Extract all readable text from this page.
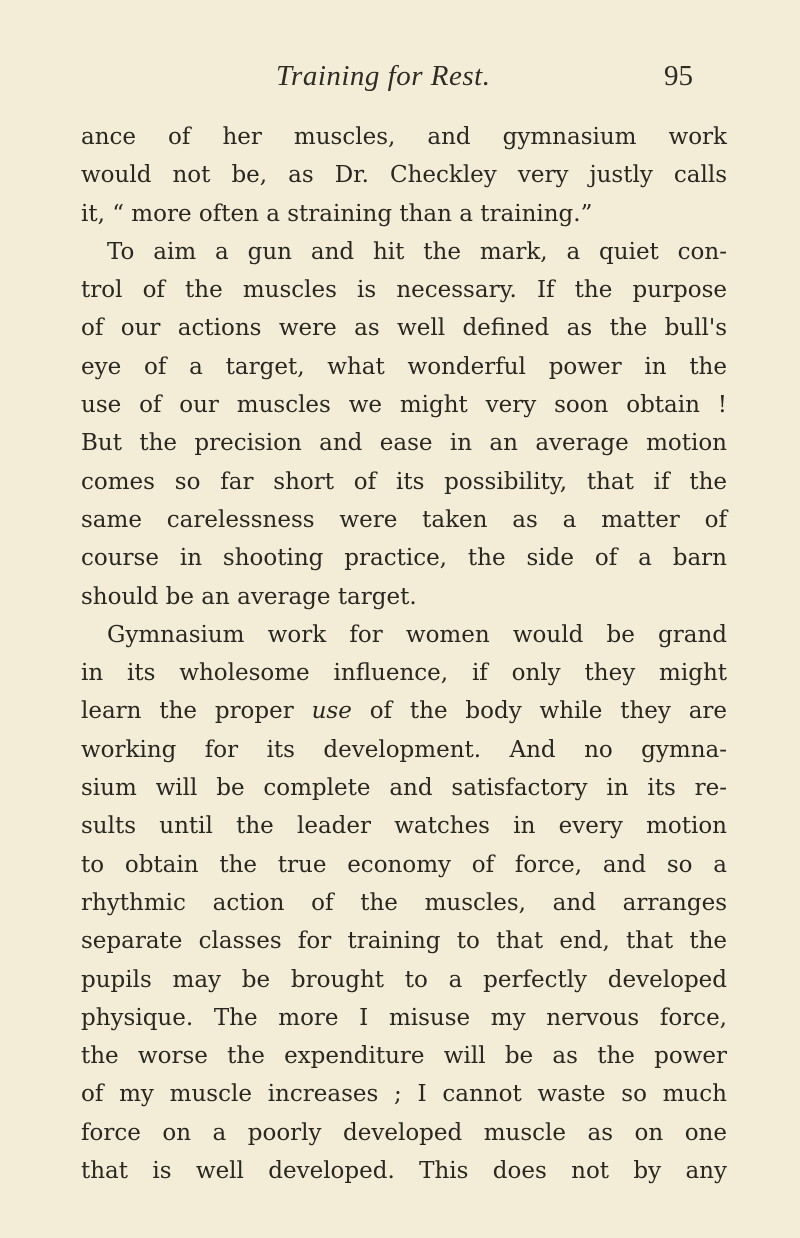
Training for Rest.	95
ance of her muscles, and gymnasium work
would not be, as Dr. Checkley very justly calls
it, “ more often a straining than a training.”
To aim a gun and hit the mark, a quiet con-
trol of the muscles is necessary. If the purpose
of our actions were as well defined as the bull's
eye of a target, what wonderful power in the
use of our muscles we might very soon obtain !
But the precision and ease in an average motion
comes so far short of its possibility, that if the
same carelessness were taken as a matter of
course in shooting practice, the side of a barn
should be an average target.
Gymnasium work for women would be grand
in its wholesome influence, if only they might
learn the proper use of the body while they are
working for its development. And no gymna-
sium will be complete and satisfactory in its re-
sults until the leader watches in every motion
to obtain the true economy of force, and so a
rhythmic action of the muscles, and arranges
separate classes for training to that end, that the
pupils may be brought to a perfectly developed
physique. The more I misuse my nervous force,
the worse the expenditure will be as the power
of my muscle increases ; I cannot waste so much
force on a poorly developed muscle as on one
that is well developed. This does not by any
